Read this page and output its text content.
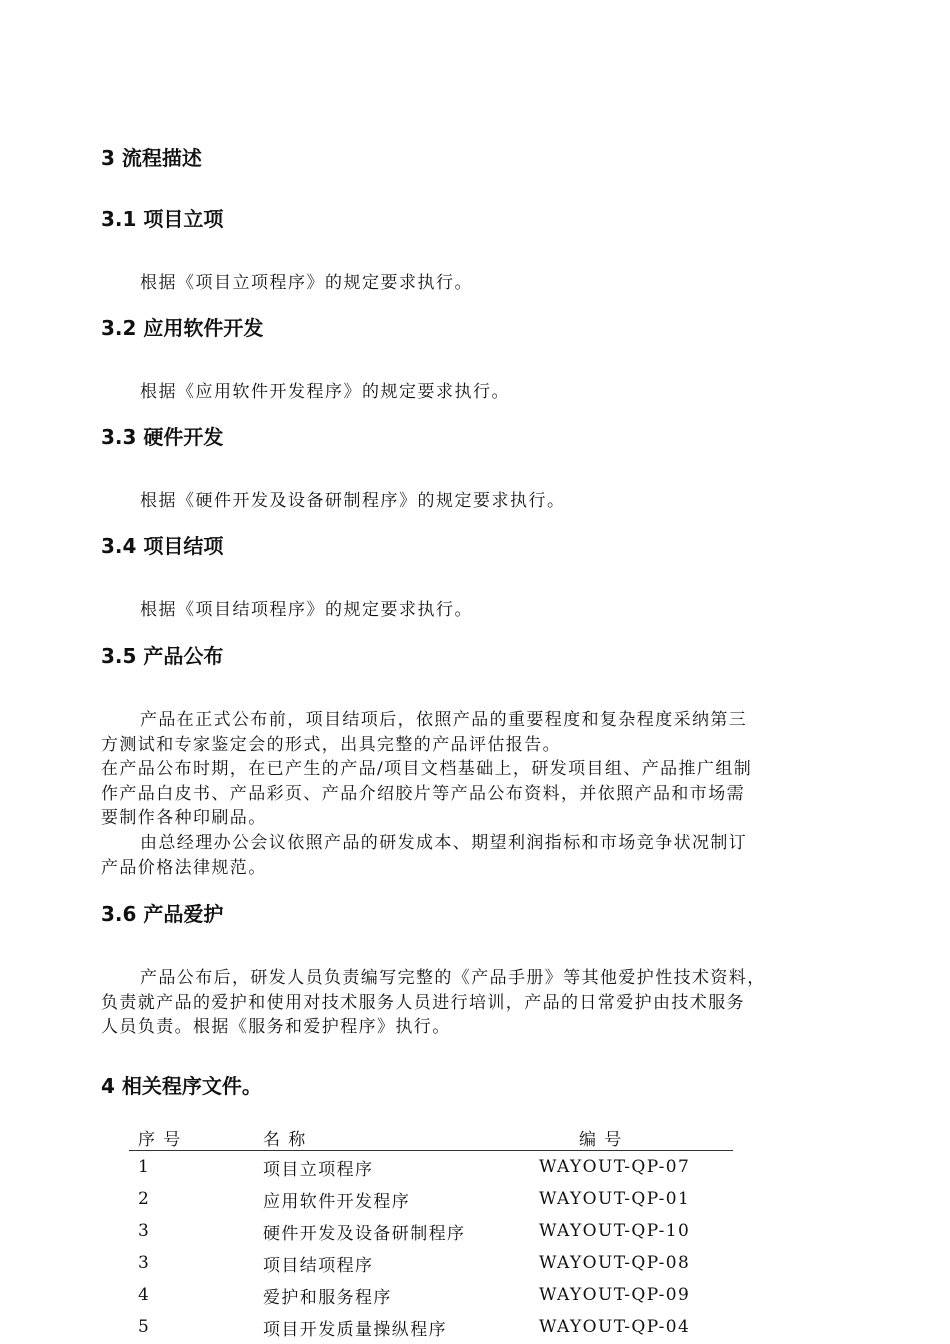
3 流程描述
3.1 项目立项

根据《项目立项程序》的规定要求执行。

3.2 应用软件开发

根据《应用软件开发程序》的规定要求执行。

3.3 硬件开发

根据《硬件开发及设备研制程序》的规定要求执行。

3.4 项目结项

根据《项目结项程序》的规定要求执行。

3.5 产品公布
产品在正式公布前，项目结项后，依照产品的重要程度和复杂程度采纳第三
方测试和专家鉴定会的形式，出具完整的产品评估报告。
在产品公布时期，在已产生的产品/项目文档基础上，研发项目组、产品推广组制
作产品白皮书、产品彩页、产品介绍胶片等产品公布资料，并依照产品和市场需
要制作各种印刷品。
由总经理办公会议依照产品的研发成本、期望利润指标和市场竞争状况制订
产品价格法律规范。
3.6 产品爱护
产品公布后，研发人员负责编写完整的《产品手册》等其他爱护性技术资料，
负责就产品的爱护和使用对技术服务人员进行培训，产品的日常爱护由技术服务
人员负责。根据《服务和爱护程序》执行。
4 相关程序文件。
序 号	名 称	编 号
1	项目立项程序	WAYOUT-QP-07
2	应用软件开发程序	WAYOUT-QP-01
3	硬件开发及设备研制程序	WAYOUT-QP-10
3	项目结项程序	WAYOUT-QP-08
4	爱护和服务程序	WAYOUT-QP-09
5	项目开发质量操纵程序	WAYOUT-QP-04
